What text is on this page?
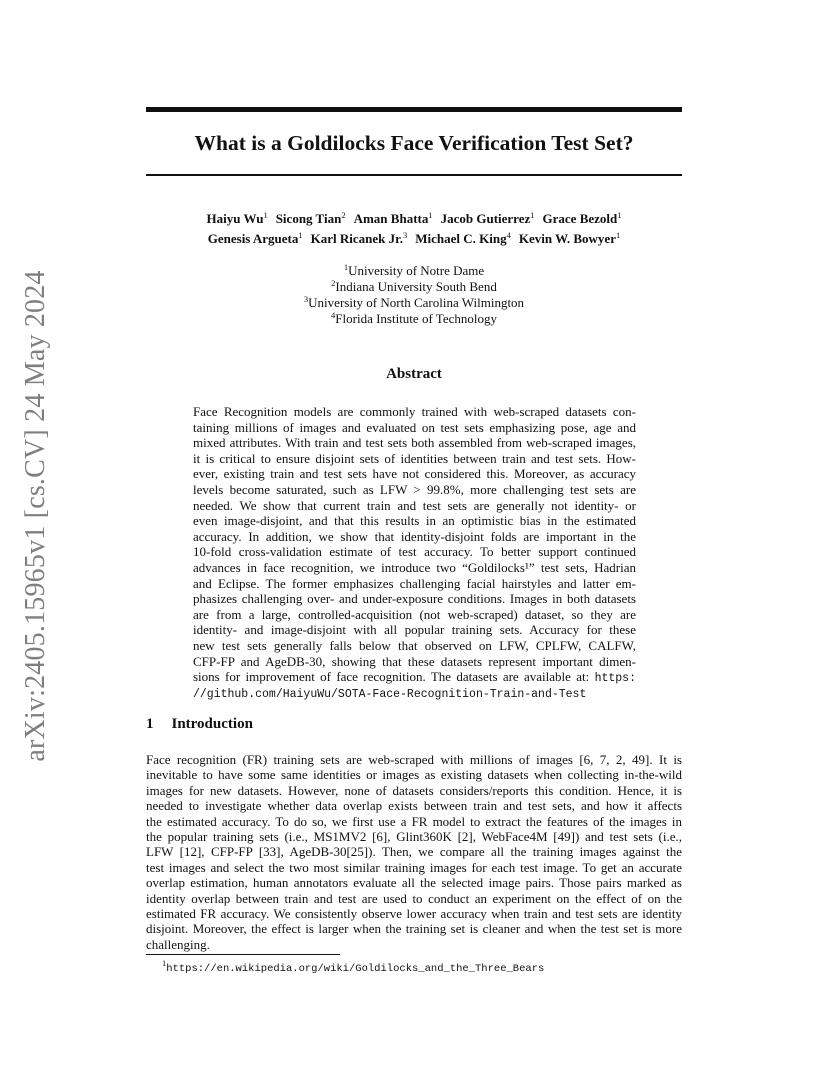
arXiv:2405.15965v1 [cs.CV] 24 May 2024
What is a Goldilocks Face Verification Test Set?
Haiyu Wu$^1$ Sicong Tian$^2$ Aman Bhatta$^1$ Jacob Gutierrez$^1$ Grace Bezold$^1$
Genesis Argueta$^1$ Karl Ricanek Jr.$^3$ Michael C. King$^4$ Kevin W. Bowyer$^1$
$^1$University of Notre Dame
$^2$Indiana University South Bend
$^3$University of North Carolina Wilmington
$^4$Florida Institute of Technology
Abstract
Face Recognition models are commonly trained with web-scraped datasets con-
taining millions of images and evaluated on test sets emphasizing pose, age and
mixed attributes. With train and test sets both assembled from web-scraped images,
it is critical to ensure disjoint sets of identities between train and test sets. How-
ever, existing train and test sets have not considered this. Moreover, as accuracy
levels become saturated, such as LFW > 99.8%, more challenging test sets are
needed. We show that current train and test sets are generally not identity- or
even image-disjoint, and that this results in an optimistic bias in the estimated
accuracy. In addition, we show that identity-disjoint folds are important in the
10-fold cross-validation estimate of test accuracy. To better support continued
advances in face recognition, we introduce two “Goldilocks¹” test sets, Hadrian
and Eclipse. The former emphasizes challenging facial hairstyles and latter em-
phasizes challenging over- and under-exposure conditions. Images in both datasets
are from a large, controlled-acquisition (not web-scraped) dataset, so they are
identity- and image-disjoint with all popular training sets. Accuracy for these
new test sets generally falls below that observed on LFW, CPLFW, CALFW,
CFP-FP and AgeDB-30, showing that these datasets represent important dimen-
sions for improvement of face recognition. The datasets are available at: https:
//github.com/HaiyuWu/SOTA-Face-Recognition-Train-and-Test
1 Introduction
Face recognition (FR) training sets are web-scraped with millions of images [6, 7, 2, 49]. It is
inevitable to have some same identities or images as existing datasets when collecting in-the-wild
images for new datasets. However, none of datasets considers/reports this condition. Hence, it is
needed to investigate whether data overlap exists between train and test sets, and how it affects
the estimated accuracy. To do so, we first use a FR model to extract the features of the images in
the popular training sets (i.e., MS1MV2 [6], Glint360K [2], WebFace4M [49]) and test sets (i.e.,
LFW [12], CFP-FP [33], AgeDB-30[25]). Then, we compare all the training images against the
test images and select the two most similar training images for each test image. To get an accurate
overlap estimation, human annotators evaluate all the selected image pairs. Those pairs marked as
identity overlap between train and test are used to conduct an experiment on the effect of on the
estimated FR accuracy. We consistently observe lower accuracy when train and test sets are identity
disjoint. Moreover, the effect is larger when the training set is cleaner and when the test set is more
challenging.
$^1$https://en.wikipedia.org/wiki/Goldilocks_and_the_Three_Bears
